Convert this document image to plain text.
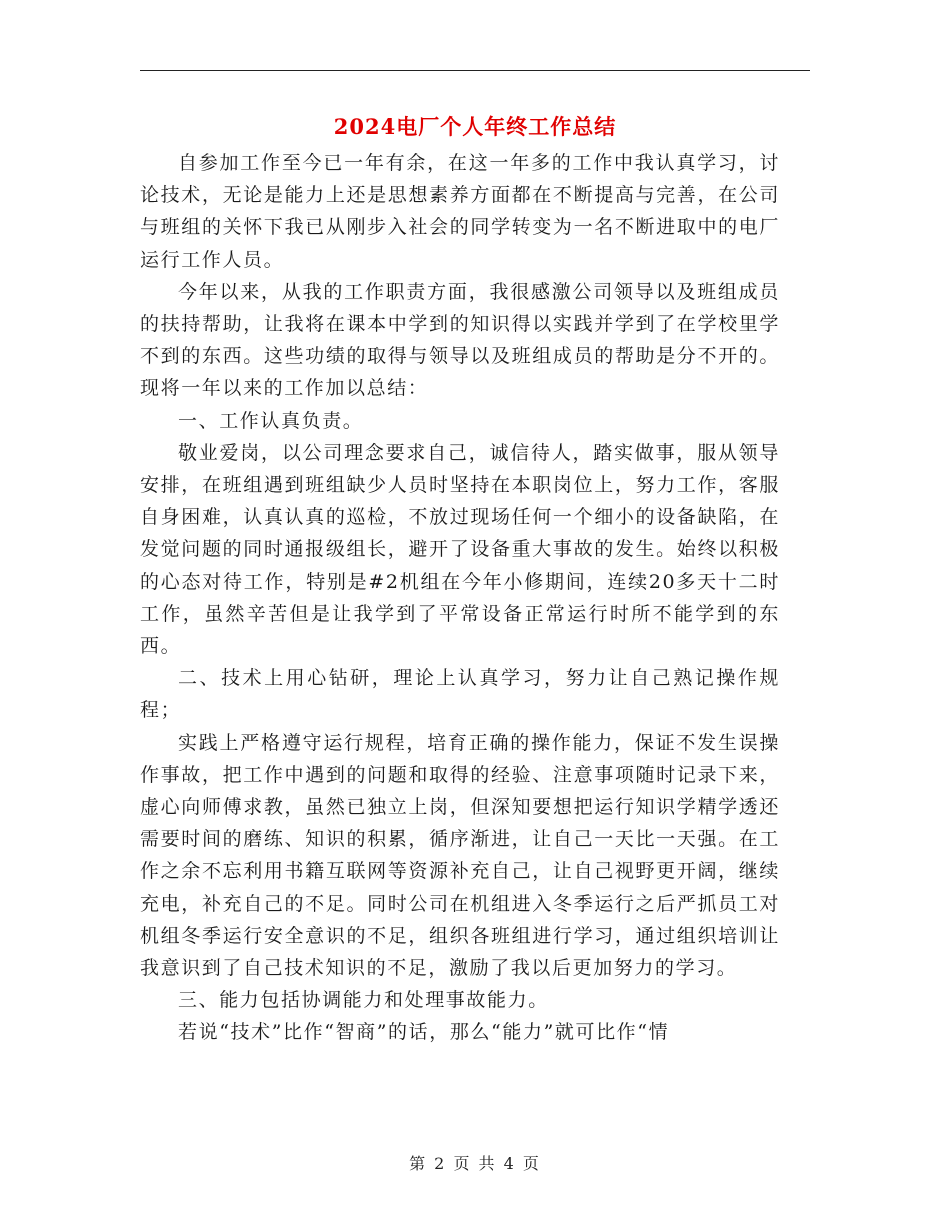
2024电厂个人年终工作总结

自参加工作至今已一年有余，在这一年多的工作中我认真学习，讨论技术，无论是能力上还是思想素养方面都在不断提高与完善，在公司与班组的关怀下我已从刚步入社会的同学转变为一名不断进取中的电厂运行工作人员。

今年以来，从我的工作职责方面，我很感激公司领导以及班组成员的扶持帮助，让我将在课本中学到的知识得以实践并学到了在学校里学不到的东西。这些功绩的取得与领导以及班组成员的帮助是分不开的。现将一年以来的工作加以总结：

一、工作认真负责。

敬业爱岗，以公司理念要求自己，诚信待人，踏实做事，服从领导安排，在班组遇到班组缺少人员时坚持在本职岗位上，努力工作，客服自身困难，认真认真的巡检，不放过现场任何一个细小的设备缺陷，在发觉问题的同时通报级组长，避开了设备重大事故的发生。始终以积极的心态对待工作，特别是#2机组在今年小修期间，连续20多天十二时工作，虽然辛苦但是让我学到了平常设备正常运行时所不能学到的东西。

二、技术上用心钻研，理论上认真学习，努力让自己熟记操作规程；

实践上严格遵守运行规程，培育正确的操作能力，保证不发生误操作事故，把工作中遇到的问题和取得的经验、注意事项随时记录下来，虚心向师傅求教，虽然已独立上岗，但深知要想把运行知识学精学透还需要时间的磨练、知识的积累，循序渐进，让自己一天比一天强。在工作之余不忘利用书籍互联网等资源补充自己，让自己视野更开阔，继续充电，补充自己的不足。同时公司在机组进入冬季运行之后严抓员工对机组冬季运行安全意识的不足，组织各班组进行学习，通过组织培训让我意识到了自己技术知识的不足，激励了我以后更加努力的学习。

三、能力包括协调能力和处理事故能力。

若说“技术”比作“智商”的话，那么“能力”就可比作“情

第 2 页 共 4 页
